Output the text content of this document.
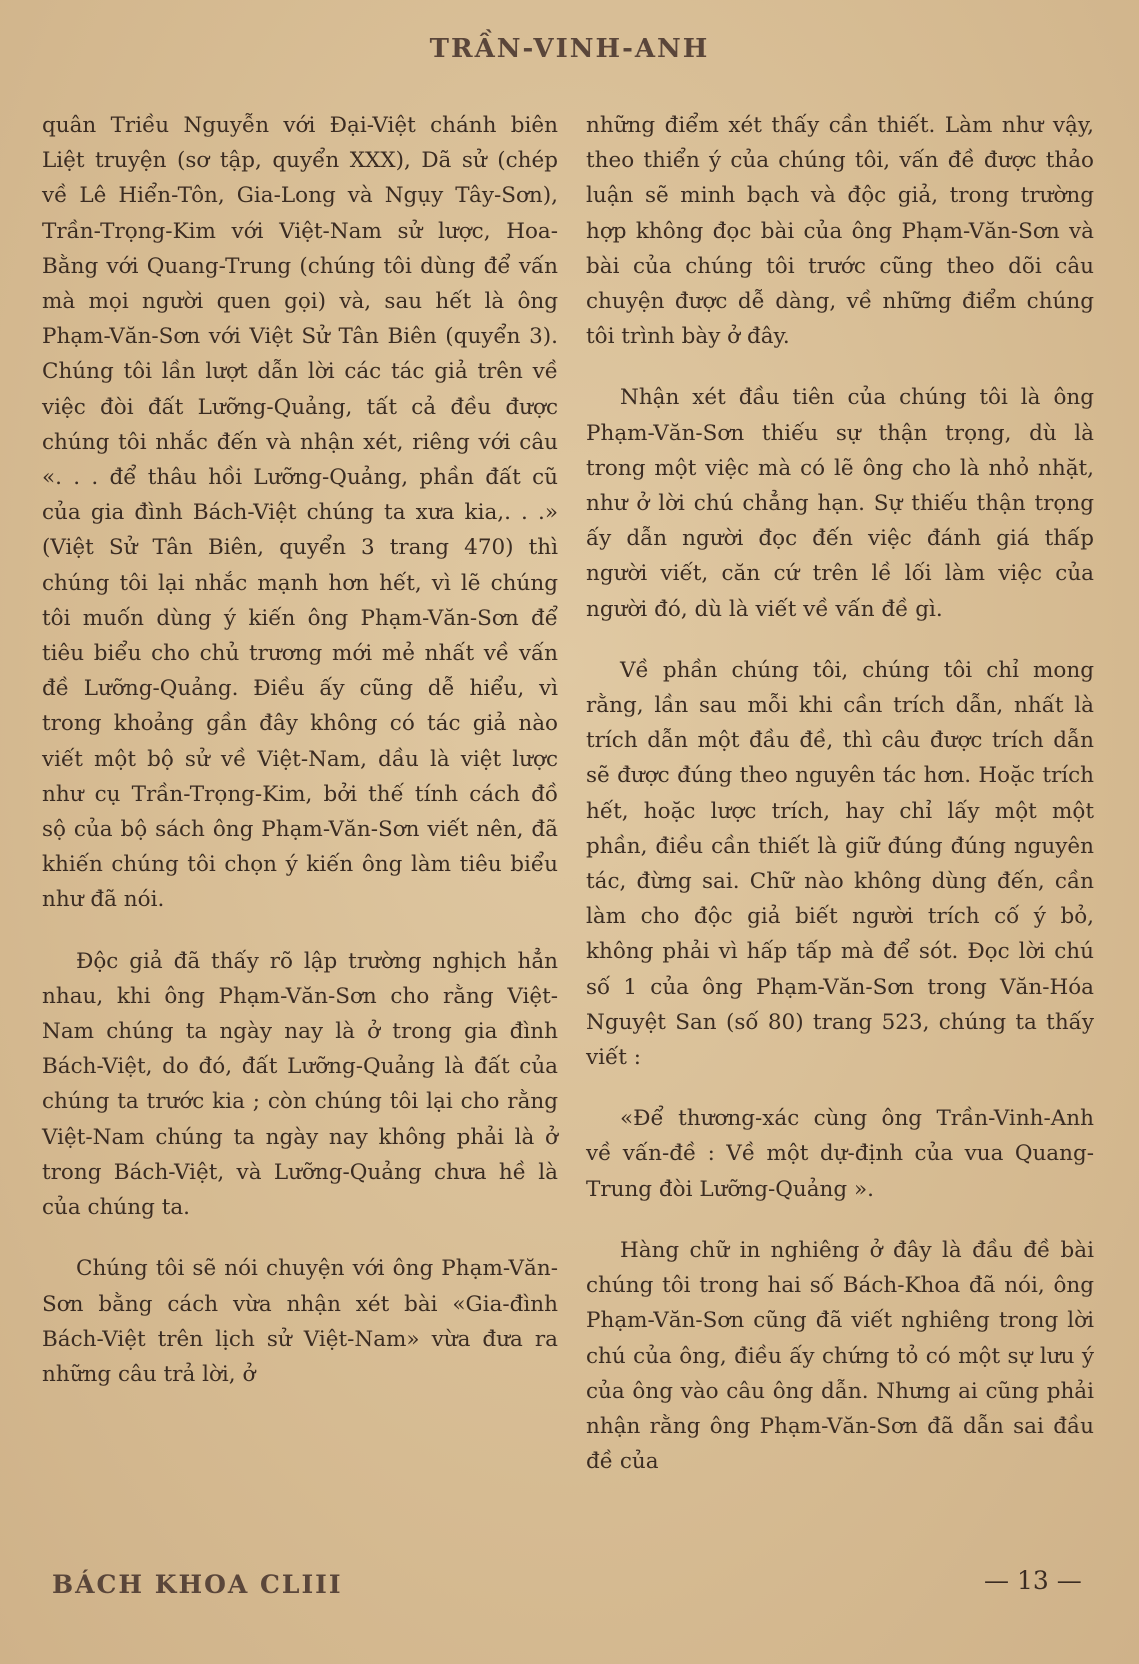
TRẦN-VINH-ANH

quân Triều Nguyễn với Đại-Việt chánh biên Liệt truyện (sơ tập, quyển XXX), Dã sử (chép về Lê Hiển-Tôn, Gia-Long và Ngụy Tây-Sơn), Trần-Trọng-Kim với Việt-Nam sử lược, Hoa-Bằng với Quang-Trung (chúng tôi dùng để vấn mà mọi người quen gọi) và, sau hết là ông Phạm-Văn-Sơn với Việt Sử Tân Biên (quyển 3). Chúng tôi lần lượt dẫn lời các tác giả trên về việc đòi đất Lưỡng-Quảng, tất cả đều được chúng tôi nhắc đến và nhận xét, riêng với câu «. . . để thâu hồi Lưỡng-Quảng, phần đất cũ của gia đình Bách-Việt chúng ta xưa kia,. . .» (Việt Sử Tân Biên, quyển 3 trang 470) thì chúng tôi lại nhắc mạnh hơn hết, vì lẽ chúng tôi muốn dùng ý kiến ông Phạm-Văn-Sơn để tiêu biểu cho chủ trương mới mẻ nhất về vấn đề Lưỡng-Quảng. Điều ấy cũng dễ hiểu, vì trong khoảng gần đây không có tác giả nào viết một bộ sử về Việt-Nam, dầu là việt lược như cụ Trần-Trọng-Kim, bởi thế tính cách đồ sộ của bộ sách ông Phạm-Văn-Sơn viết nên, đã khiến chúng tôi chọn ý kiến ông làm tiêu biểu như đã nói.

Độc giả đã thấy rõ lập trường nghịch hẳn nhau, khi ông Phạm-Văn-Sơn cho rằng Việt-Nam chúng ta ngày nay là ở trong gia đình Bách-Việt, do đó, đất Lưỡng-Quảng là đất của chúng ta trước kia ; còn chúng tôi lại cho rằng Việt-Nam chúng ta ngày nay không phải là ở trong Bách-Việt, và Lưỡng-Quảng chưa hề là của chúng ta.

Chúng tôi sẽ nói chuyện với ông Phạm-Văn-Sơn bằng cách vừa nhận xét bài «Gia-đình Bách-Việt trên lịch sử Việt-Nam» vừa đưa ra những câu trả lời, ở

những điểm xét thấy cần thiết. Làm như vậy, theo thiển ý của chúng tôi, vấn đề được thảo luận sẽ minh bạch và độc giả, trong trường hợp không đọc bài của ông Phạm-Văn-Sơn và bài của chúng tôi trước cũng theo dõi câu chuyện được dễ dàng, về những điểm chúng tôi trình bày ở đây.

Nhận xét đầu tiên của chúng tôi là ông Phạm-Văn-Sơn thiếu sự thận trọng, dù là trong một việc mà có lẽ ông cho là nhỏ nhặt, như ở lời chú chẳng hạn. Sự thiếu thận trọng ấy dẫn người đọc đến việc đánh giá thấp người viết, căn cứ trên lề lối làm việc của người đó, dù là viết về vấn đề gì.

Về phần chúng tôi, chúng tôi chỉ mong rằng, lần sau mỗi khi cần trích dẫn, nhất là trích dẫn một đầu đề, thì câu được trích dẫn sẽ được đúng theo nguyên tác hơn. Hoặc trích hết, hoặc lược trích, hay chỉ lấy một một phần, điều cần thiết là giữ đúng đúng nguyên tác, đừng sai. Chữ nào không dùng đến, cần làm cho độc giả biết người trích cố ý bỏ, không phải vì hấp tấp mà để sót. Đọc lời chú số 1 của ông Phạm-Văn-Sơn trong Văn-Hóa Nguyệt San (số 80) trang 523, chúng ta thấy viết :

«Để thương-xác cùng ông Trần-Vinh-Anh về vấn-đề : Về một dự-định của vua Quang-Trung đòi Lưỡng-Quảng ».

Hàng chữ in nghiêng ở đây là đầu đề bài chúng tôi trong hai số Bách-Khoa đã nói, ông Phạm-Văn-Sơn cũng đã viết nghiêng trong lời chú của ông, điều ấy chứng tỏ có một sự lưu ý của ông vào câu ông dẫn. Nhưng ai cũng phải nhận rằng ông Phạm-Văn-Sơn đã dẫn sai đầu đề của

BÁCH KHOA CLIII	— 13 —
